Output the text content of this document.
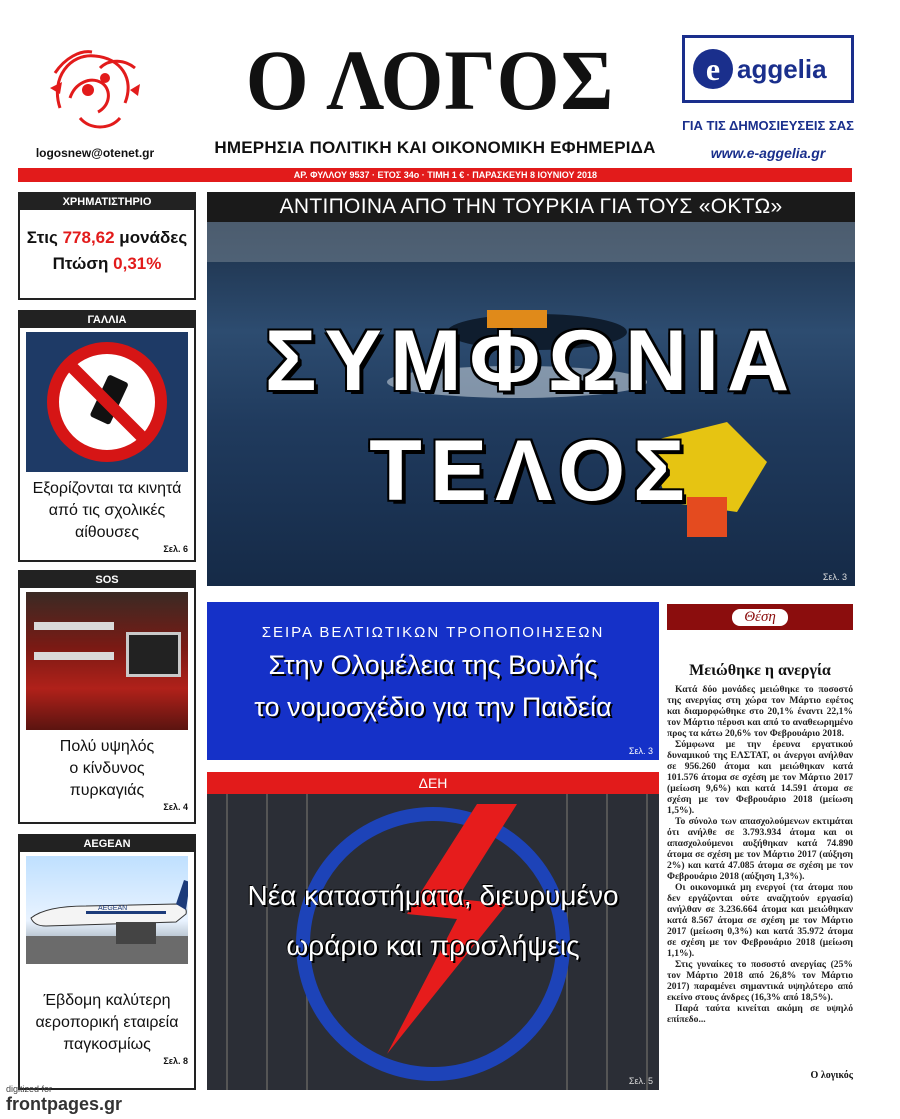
logosnew@otenet.gr
Ο ΛΟΓΟΣ
ΗΜΕΡΗΣΙΑ ΠΟΛΙΤΙΚΗ ΚΑΙ ΟΙΚΟΝΟΜΙΚΗ ΕΦΗΜΕΡΙΔΑ
e aggelia
ΓΙΑ ΤΙΣ ΔΗΜΟΣΙΕΥΣΕΙΣ ΣΑΣ
www.e-aggelia.gr
ΑΡ. ΦΥΛΛΟΥ 9537 · ΕΤΟΣ 34ο · ΤΙΜΗ 1 € · ΠΑΡΑΣΚΕΥΗ 8 ΙΟΥΝΙΟΥ 2018
ΧΡΗΜΑΤΙΣΤΗΡΙΟ
Στις 778,62 μονάδες
Πτώση 0,31%
ΓΑΛΛΙΑ
Εξορίζονται τα κινητά
από τις σχολικές
αίθουσες
Σελ. 6
SOS
Πολύ υψηλός
ο κίνδυνος
πυρκαγιάς
Σελ. 4
AEGEAN
AEGEAN
Έβδομη καλύτερη
αεροπορική εταιρεία
παγκοσμίως
Σελ. 8
ΑΝΤΙΠΟΙΝΑ ΑΠΟ ΤΗΝ ΤΟΥΡΚΙΑ ΓΙΑ ΤΟΥΣ «ΟΚΤΩ»
ΣΥΜΦΩΝΙΑ
ΤΕΛΟΣ
Σελ. 3
ΣΕΙΡΑ ΒΕΛΤΙΩΤΙΚΩΝ ΤΡΟΠΟΠΟΙΗΣΕΩΝ
Στην Ολομέλεια της Βουλής
το νομοσχέδιο για την Παιδεία
Σελ. 3
ΔΕΗ
Νέα καταστήματα, διευρυμένο
ωράριο και προσλήψεις
Σελ. 5
Θέση
Μειώθηκε η ανεργία

Κατά δύο μονάδες μειώθηκε το ποσοστό της ανεργίας στη χώρα τον Μάρτιο εφέτος και διαμορφώθηκε στο 20,1% έναντι 22,1% τον Μάρτιο πέρυσι και από το αναθεωρημένο προς τα κάτω 20,6% τον Φεβρουάριο 2018.

Σύμφωνα με την έρευνα εργατικού δυναμικού της ΕΛΣΤΑΤ, οι άνεργοι ανήλθαν σε 956.260 άτομα και μειώθηκαν κατά 101.576 άτομα σε σχέση με τον Μάρτιο 2017 (μείωση 9,6%) και κατά 14.591 άτομα σε σχέση με τον Φεβρουάριο 2018 (μείωση 1,5%).

Το σύνολο των απασχολούμενων εκτιμάται ότι ανήλθε σε 3.793.934 άτομα και οι απασχολούμενοι αυξήθηκαν κατά 74.890 άτομα σε σχέση με τον Μάρτιο 2017 (αύξηση 2%) και κατά 47.085 άτομα σε σχέση με τον Φεβρουάριο 2018 (αύξηση 1,3%).

Οι οικονομικά μη ενεργοί (τα άτομα που δεν εργάζονται ούτε αναζητούν εργασία) ανήλθαν σε 3.236.664 άτομα και μειώθηκαν κατά 8.567 άτομα σε σχέση με τον Μάρτιο 2017 (μείωση 0,3%) και κατά 35.972 άτομα σε σχέση με τον Φεβρουάριο 2018 (μείωση 1,1%).

Στις γυναίκες το ποσοστό ανεργίας (25% τον Μάρτιο 2018 από 26,8% τον Μάρτιο 2017) παραμένει σημαντικά υψηλότερο από εκείνο στους άνδρες (16,3% από 18,5%).

Παρά ταύτα κινείται ακόμη σε υψηλό επίπεδο...

Ο λογικός
digitized for
frontpages.gr
